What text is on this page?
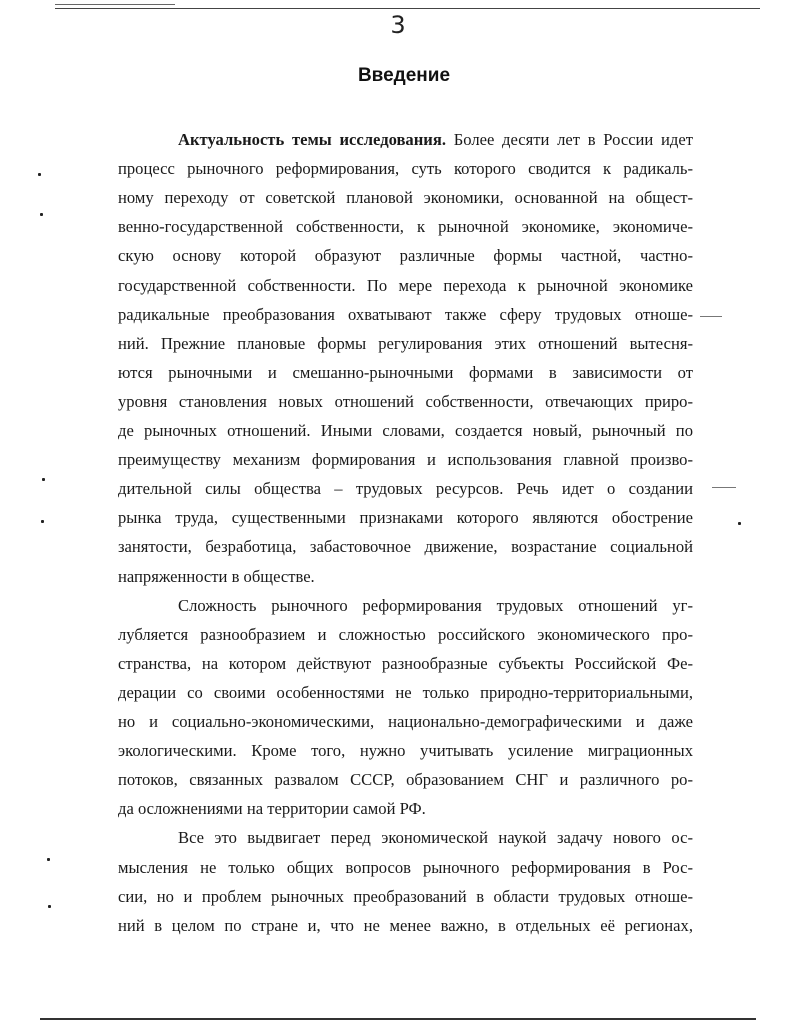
3
Введение
Актуальность темы исследования. Более десяти лет в России идет
процесс рыночного реформирования, суть которого сводится к радикаль-
ному переходу от советской плановой экономики, основанной на общест-
венно-государственной собственности, к рыночной экономике, экономиче-
скую основу которой образуют различные формы частной, частно-
государственной собственности. По мере перехода к рыночной экономике
радикальные преобразования охватывают также сферу трудовых отноше-
ний. Прежние плановые формы регулирования этих отношений вытесня-
ются рыночными и смешанно-рыночными формами в зависимости от
уровня становления новых отношений собственности, отвечающих приро-
де рыночных отношений. Иными словами, создается новый, рыночный по
преимуществу механизм формирования и использования главной произво-
дительной силы общества – трудовых ресурсов. Речь идет о создании
рынка труда, существенными признаками которого являются обострение
занятости, безработица, забастовочное движение, возрастание социальной
напряженности в обществе.
Сложность рыночного реформирования трудовых отношений уг-
лубляется разнообразием и сложностью российского экономического про-
странства, на котором действуют разнообразные субъекты Российской Фе-
дерации со своими особенностями не только природно-территориальными,
но и социально-экономическими, национально-демографическими и даже
экологическими. Кроме того, нужно учитывать усиление миграционных
потоков, связанных развалом СССР, образованием СНГ и различного ро-
да осложнениями на территории самой РФ.
Все это выдвигает перед экономической наукой задачу нового ос-
мысления не только общих вопросов рыночного реформирования в Рос-
сии, но и проблем рыночных преобразований в области трудовых отноше-
ний в целом по стране и, что не менее важно, в отдельных её регионах,
